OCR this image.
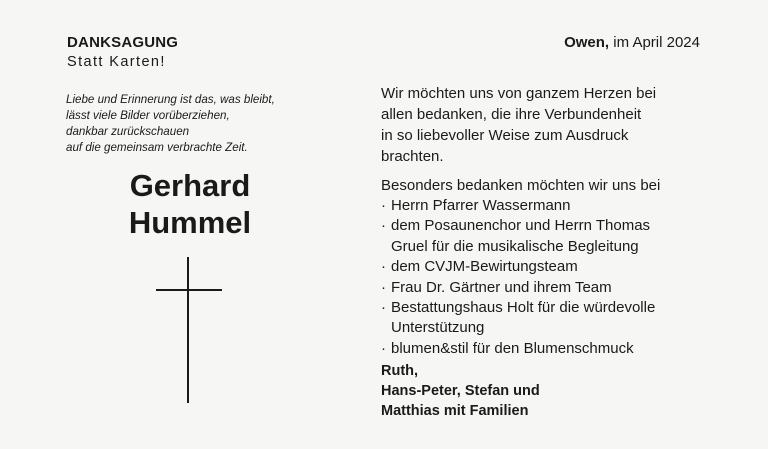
DANKSAGUNG
Statt Karten!
Owen, im April 2024
Liebe und Erinnerung ist das, was bleibt,
lässt viele Bilder vorüberziehen,
dankbar zurückschauen
auf die gemeinsam verbrachte Zeit.
Gerhard
Hummel
Wir möchten uns von ganzem Herzen bei
allen bedanken, die ihre Verbundenheit
in so liebevoller Weise zum Ausdruck
brachten.
Besonders bedanken möchten wir uns bei
· Herrn Pfarrer Wassermann
· dem Posaunenchor und Herrn Thomas
Gruel für die musikalische Begleitung
· dem CVJM-Bewirtungsteam
· Frau Dr. Gärtner und ihrem Team
· Bestattungshaus Holt für die würdevolle
Unterstützung
· blumen&stil für den Blumenschmuck
Ruth,
Hans-Peter, Stefan und
Matthias mit Familien
